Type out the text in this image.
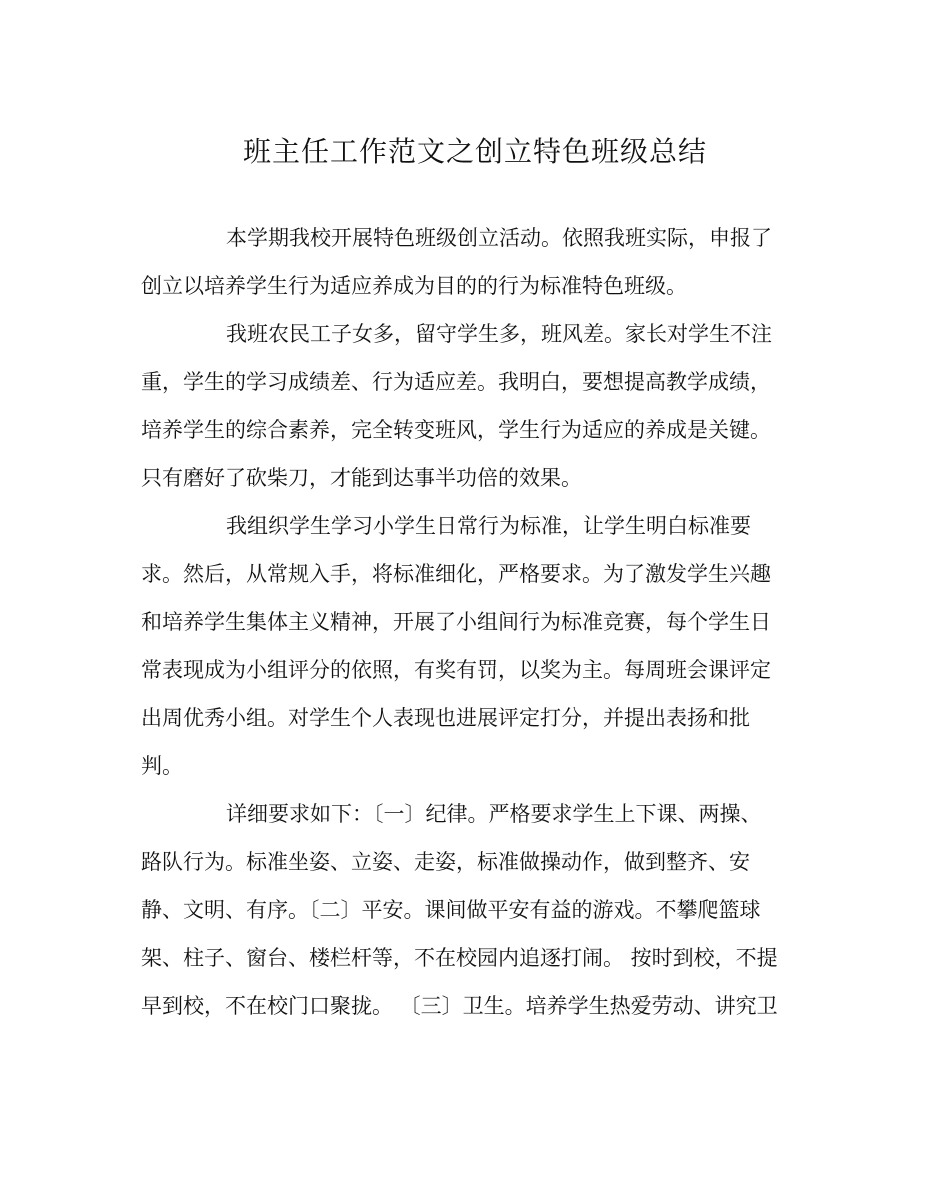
班主任工作范文之创立特色班级总结
本学期我校开展特色班级创立活动。依照我班实际，申报了
创立以培养学生行为适应养成为目的的行为标准特色班级。
我班农民工子女多，留守学生多，班风差。家长对学生不注
重，学生的学习成绩差、行为适应差。我明白，要想提高教学成绩，
培养学生的综合素养，完全转变班风，学生行为适应的养成是关键。
只有磨好了砍柴刀，才能到达事半功倍的效果。
我组织学生学习小学生日常行为标准，让学生明白标准要
求。然后，从常规入手，将标准细化，严格要求。为了激发学生兴趣
和培养学生集体主义精神，开展了小组间行为标准竞赛，每个学生日
常表现成为小组评分的依照，有奖有罚，以奖为主。每周班会课评定
出周优秀小组。对学生个人表现也进展评定打分，并提出表扬和批
判。
详细要求如下：〔一〕纪律。严格要求学生上下课、两操、
路队行为。标准坐姿、立姿、走姿，标准做操动作，做到整齐、安
静、文明、有序。〔二〕平安。课间做平安有益的游戏。不攀爬篮球
架、柱子、窗台、楼栏杆等，不在校园内追逐打闹。 按时到校，不提
早到校，不在校门口聚拢。 〔三〕卫生。培养学生热爱劳动、讲究卫
